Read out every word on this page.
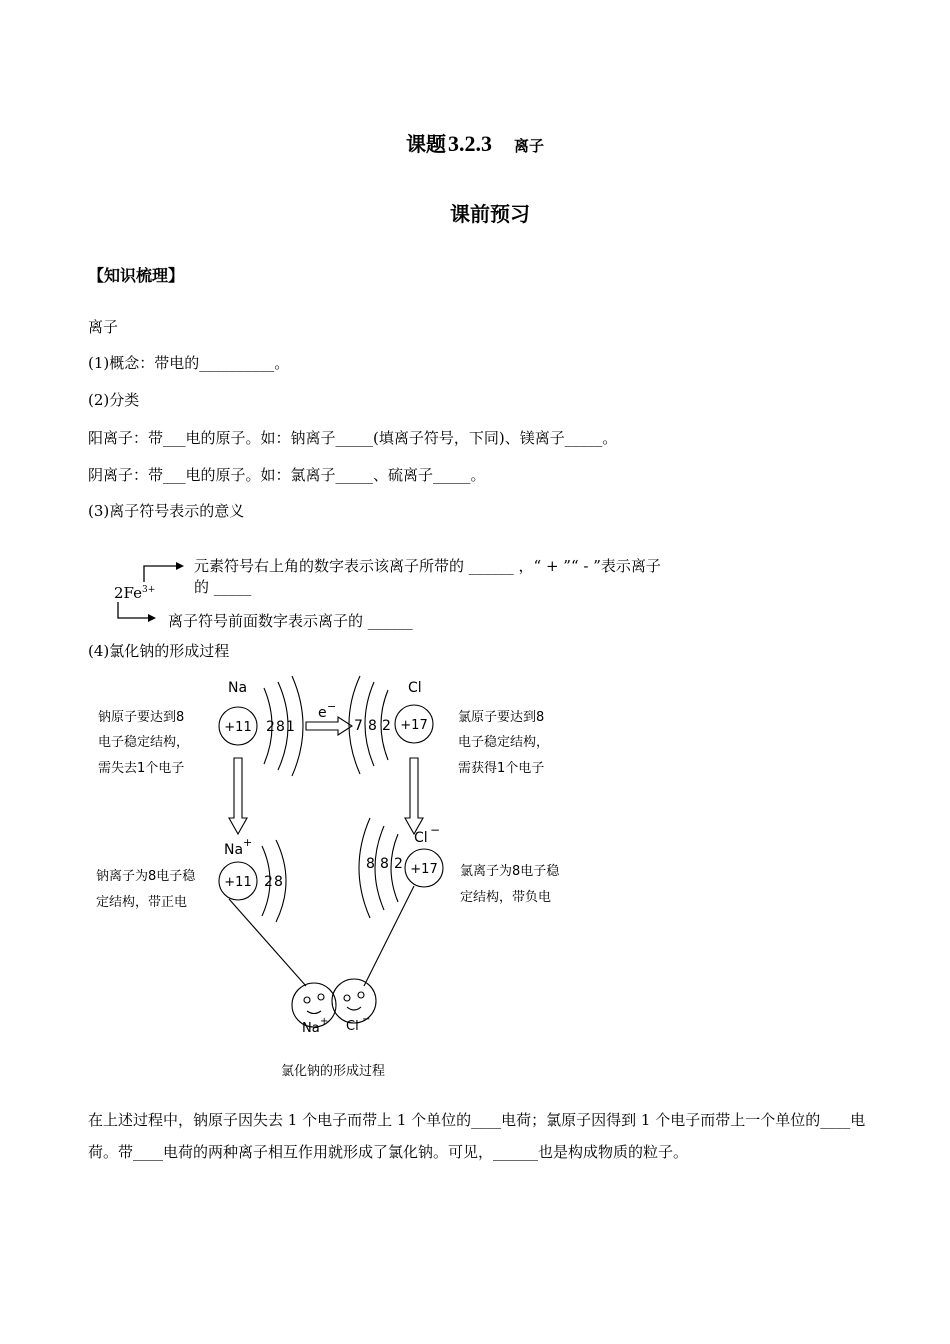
课题3.2.3 离子
课前预习
【知识梳理】
离子
(1)概念：带电的__________。
(2)分类
阳离子：带___电的原子。如：钠离子_____(填离子符号，下同)、镁离子_____。
阴离子：带___电的原子。如：氯离子_____、硫离子_____。
(3)离子符号表示的意义
$2Fe^{3+}$
元素符号右上角的数字表示该离子所带的 ______ ，“ + ”“ - ”表示离子
的 _____
离子符号前面数字表示离子的 ______
(4)氯化钠的形成过程
Na
+11 2 8 1
e −
Cl
+17
7 8 2
钠原子要达到8
电子稳定结构，
需失去1个电子
氯原子要达到8
电子稳定结构，
需获得1个电子
Na +
+11 2 8
Cl −
+17
8 8 2
钠离子为8电子稳
定结构，带正电
氯离子为8电子稳
定结构，带负电
Na + Cl −
氯化钠的形成过程
在上述过程中，钠原子因失去 1 个电子而带上 1 个单位的____电荷；氯原子因得到 1 个电子而带上一个单位的____电荷。带____电荷的两种离子相互作用就形成了氯化钠。可见，______也是构成物质的粒子。
